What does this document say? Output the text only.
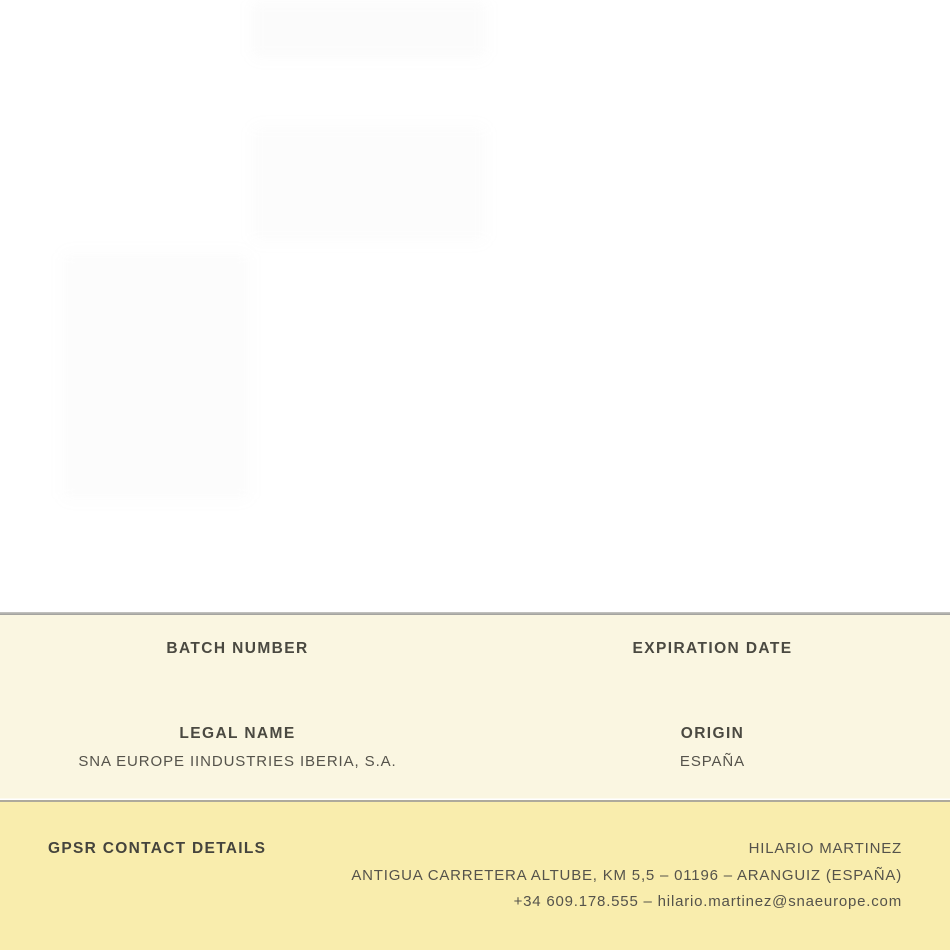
BATCH NUMBER	EXPIRATION DATE
LEGAL NAME	ORIGIN
SNA EUROPE IINDUSTRIES IBERIA, S.A.	ESPAÑA
GPSR CONTACT DETAILS	HILARIO MARTINEZ
ANTIGUA CARRETERA ALTUBE, KM 5,5 – 01196 – ARANGUIZ (ESPAÑA)
+34 609.178.555 – hilario.martinez@snaeurope.com
